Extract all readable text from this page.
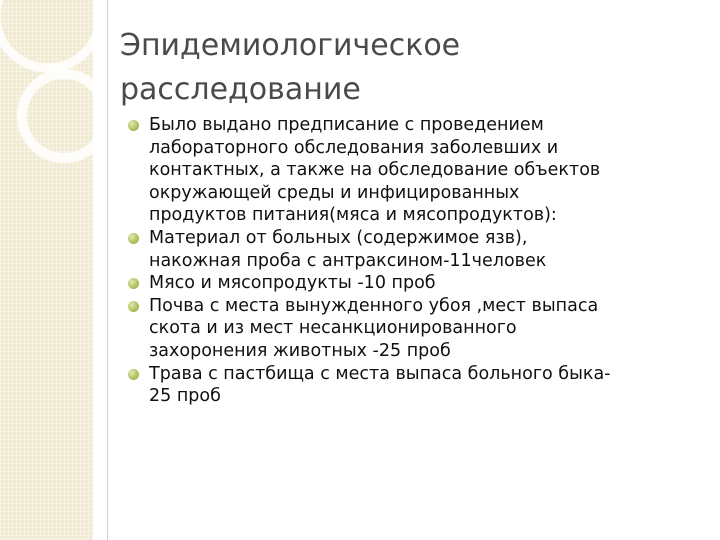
Эпидемиологическое
расследование
Было выдано предписание с проведением
лабораторного обследования заболевших и
контактных, а также на обследование объектов
окружающей среды и инфицированных
продуктов питания(мяса и мясопродуктов):
Материал от больных (содержимое язв),
накожная проба с антраксином-11человек
Мясо и мясопродукты -10 проб
Почва с места вынужденного убоя ,мест выпаса
скота и из мест несанкционированного
захоронения животных -25 проб
Трава с пастбища с места выпаса больного быка-
25 проб
